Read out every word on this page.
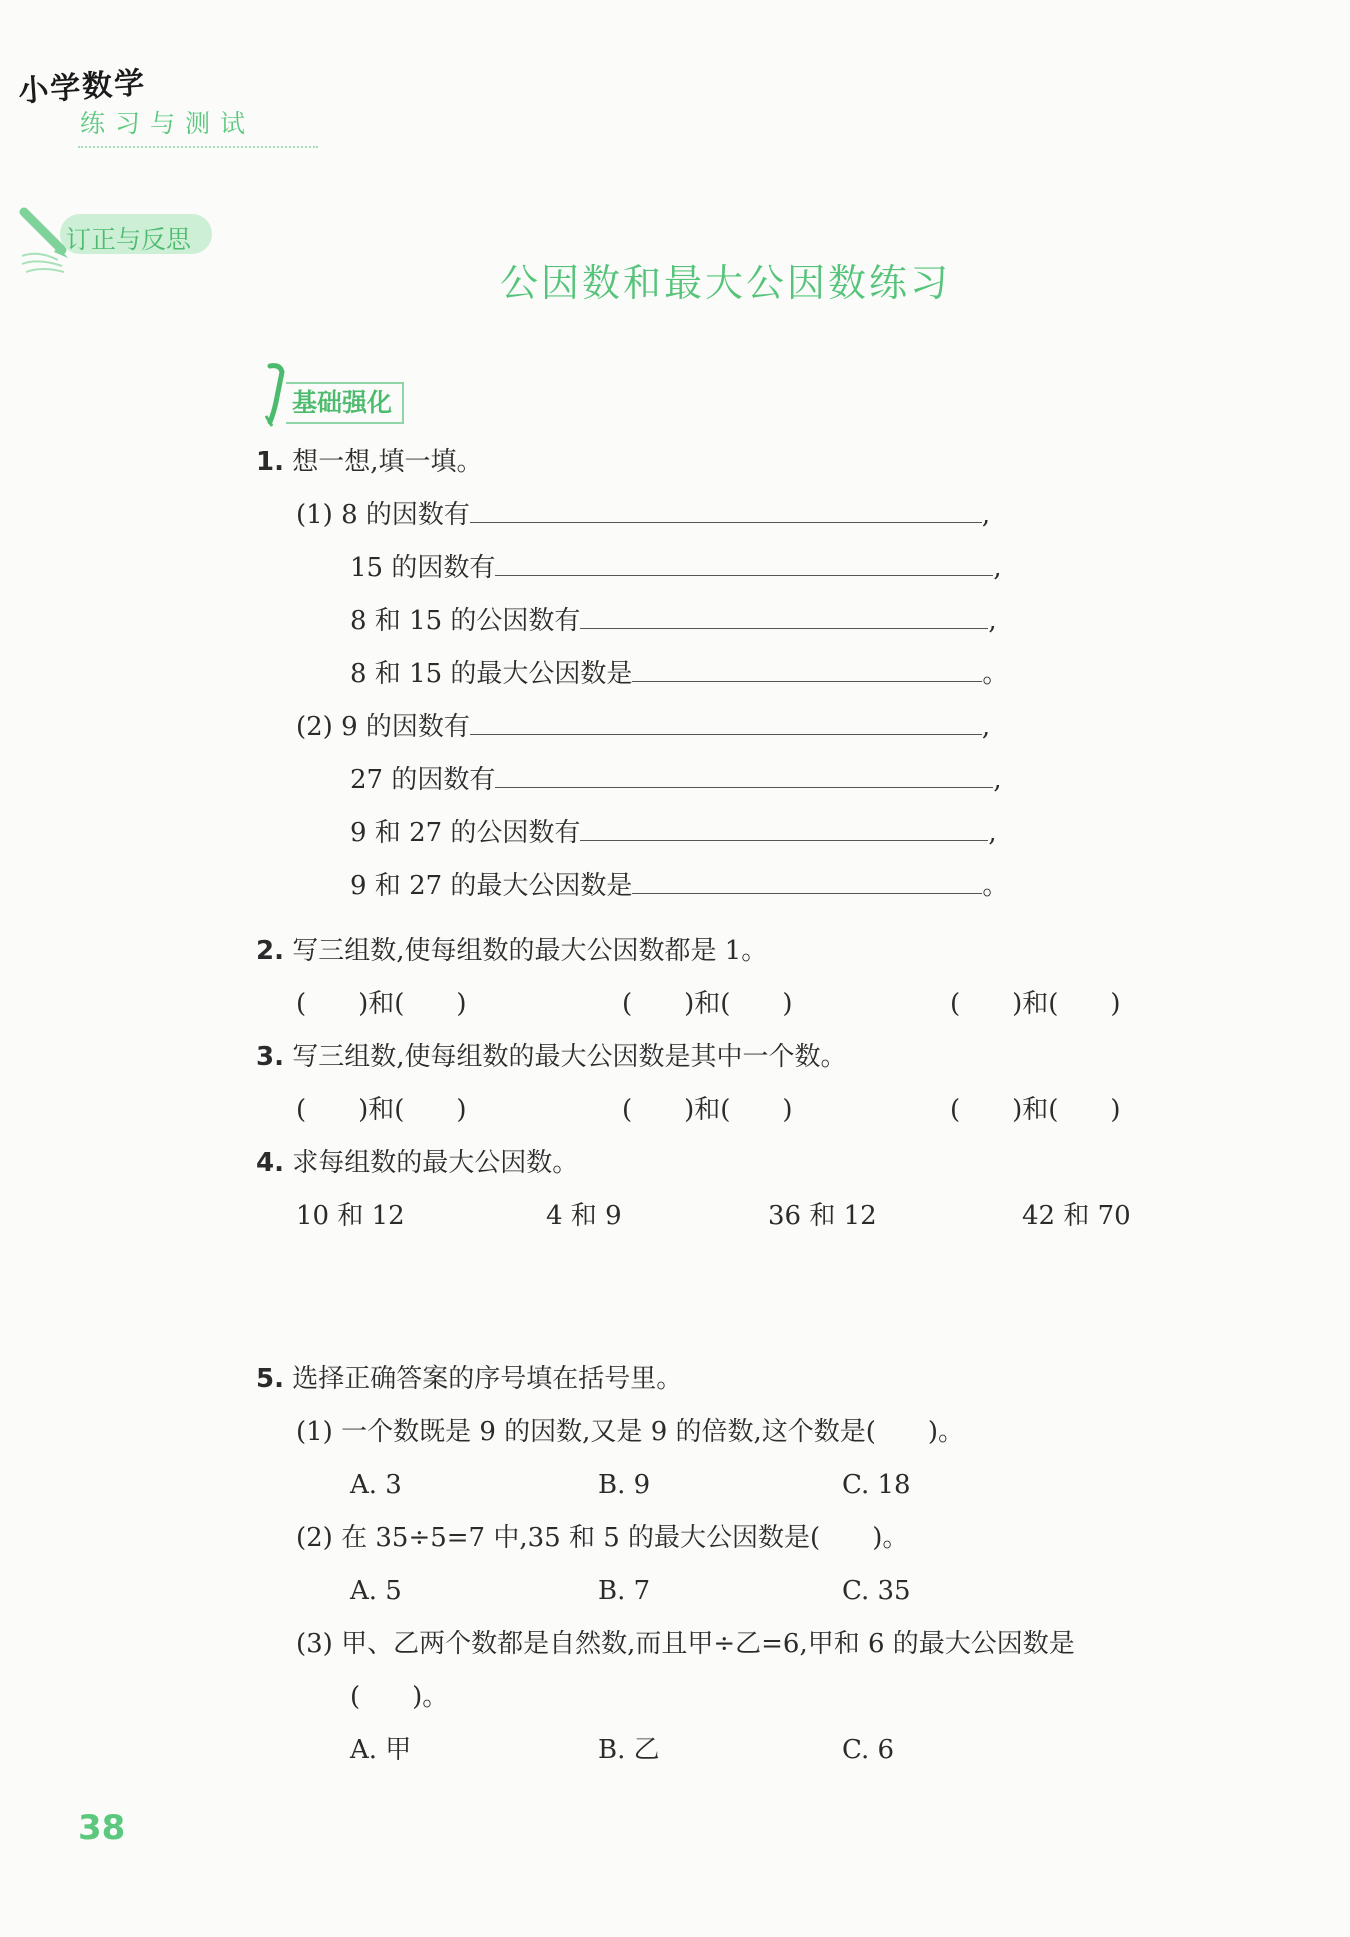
小学数学
练习与测试
订正与反思
公因数和最大公因数练习
基础强化
1. 想一想,填一填。
(1) 8 的因数有	,
15 的因数有	,
8 和 15 的公因数有	,
8 和 15 的最大公因数是	。
(2) 9 的因数有	,
27 的因数有	,
9 和 27 的公因数有	,
9 和 27 的最大公因数是	。
2. 写三组数,使每组数的最大公因数都是 1。
(　　)和(　　)	(　　)和(　　)	(　　)和(　　)
3. 写三组数,使每组数的最大公因数是其中一个数。
(　　)和(　　)	(　　)和(　　)	(　　)和(　　)
4. 求每组数的最大公因数。
10 和 12	4 和 9	36 和 12	42 和 70
5. 选择正确答案的序号填在括号里。
(1) 一个数既是 9 的因数,又是 9 的倍数,这个数是(　　)。
A. 3	B. 9	C. 18
(2) 在 35÷5=7 中,35 和 5 的最大公因数是(　　)。
A. 5	B. 7	C. 35
(3) 甲、乙两个数都是自然数,而且甲÷乙=6,甲和 6 的最大公因数是
(　　)。
A. 甲	B. 乙	C. 6
38
